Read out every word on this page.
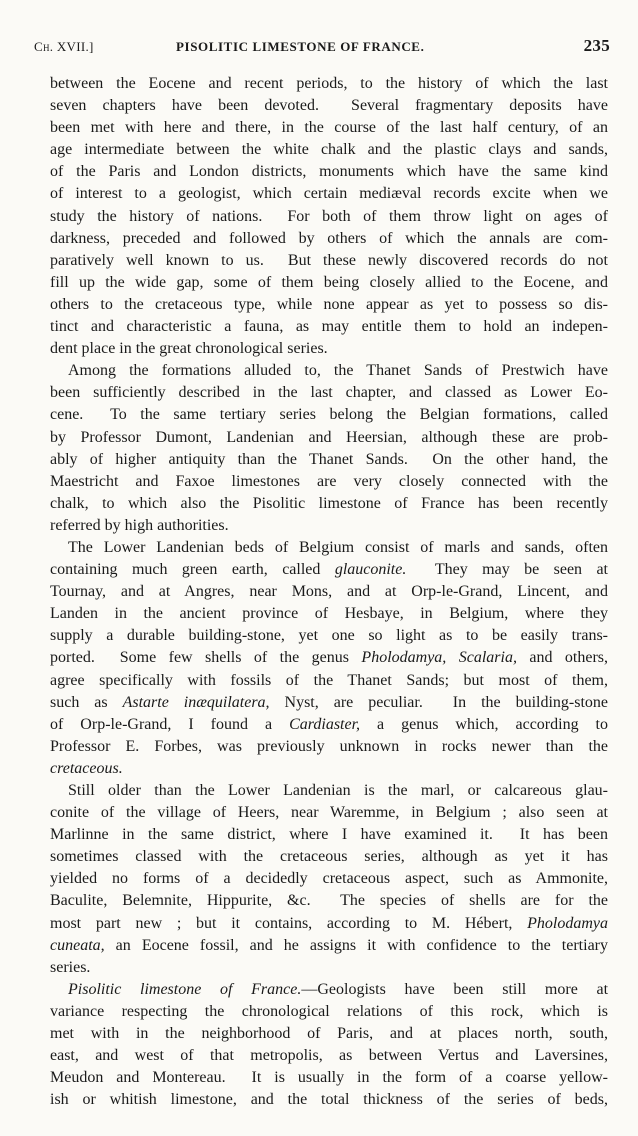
Ch. XVII.]	PISOLITIC LIMESTONE OF FRANCE.	235
between the Eocene and recent periods, to the history of which the last
seven chapters have been devoted.  Several fragmentary deposits have
been met with here and there, in the course of the last half century, of an
age intermediate between the white chalk and the plastic clays and sands,
of the Paris and London districts, monuments which have the same kind
of interest to a geologist, which certain mediæval records excite when we
study the history of nations.  For both of them throw light on ages of
darkness, preceded and followed by others of which the annals are com-
paratively well known to us.  But these newly discovered records do not
fill up the wide gap, some of them being closely allied to the Eocene, and
others to the cretaceous type, while none appear as yet to possess so dis-
tinct and characteristic a fauna, as may entitle them to hold an indepen-
dent place in the great chronological series.
Among the formations alluded to, the Thanet Sands of Prestwich have
been sufficiently described in the last chapter, and classed as Lower Eo-
cene.  To the same tertiary series belong the Belgian formations, called
by Professor Dumont, Landenian and Heersian, although these are prob-
ably of higher antiquity than the Thanet Sands.  On the other hand, the
Maestricht and Faxoe limestones are very closely connected with the
chalk, to which also the Pisolitic limestone of France has been recently
referred by high authorities.
The Lower Landenian beds of Belgium consist of marls and sands, often
containing much green earth, called glauconite.  They may be seen at
Tournay, and at Angres, near Mons, and at Orp-le-Grand, Lincent, and
Landen in the ancient province of Hesbaye, in Belgium, where they
supply a durable building-stone, yet one so light as to be easily trans-
ported.  Some few shells of the genus Pholodamya, Scalaria, and others,
agree specifically with fossils of the Thanet Sands; but most of them,
such as Astarte inæquilatera, Nyst, are peculiar.  In the building-stone
of Orp-le-Grand, I found a Cardiaster, a genus which, according to
Professor E. Forbes, was previously unknown in rocks newer than the
cretaceous.
Still older than the Lower Landenian is the marl, or calcareous glau-
conite of the village of Heers, near Waremme, in Belgium ; also seen at
Marlinne in the same district, where I have examined it.  It has been
sometimes classed with the cretaceous series, although as yet it has
yielded no forms of a decidedly cretaceous aspect, such as Ammonite,
Baculite, Belemnite, Hippurite, &c.  The species of shells are for the
most part new ; but it contains, according to M. Hébert, Pholodamya
cuneata, an Eocene fossil, and he assigns it with confidence to the tertiary
series.
Pisolitic limestone of France.—Geologists have been still more at
variance respecting the chronological relations of this rock, which is
met with in the neighborhood of Paris, and at places north, south,
east, and west of that metropolis, as between Vertus and Laversines,
Meudon and Montereau.  It is usually in the form of a coarse yellow-
ish or whitish limestone, and the total thickness of the series of beds,
